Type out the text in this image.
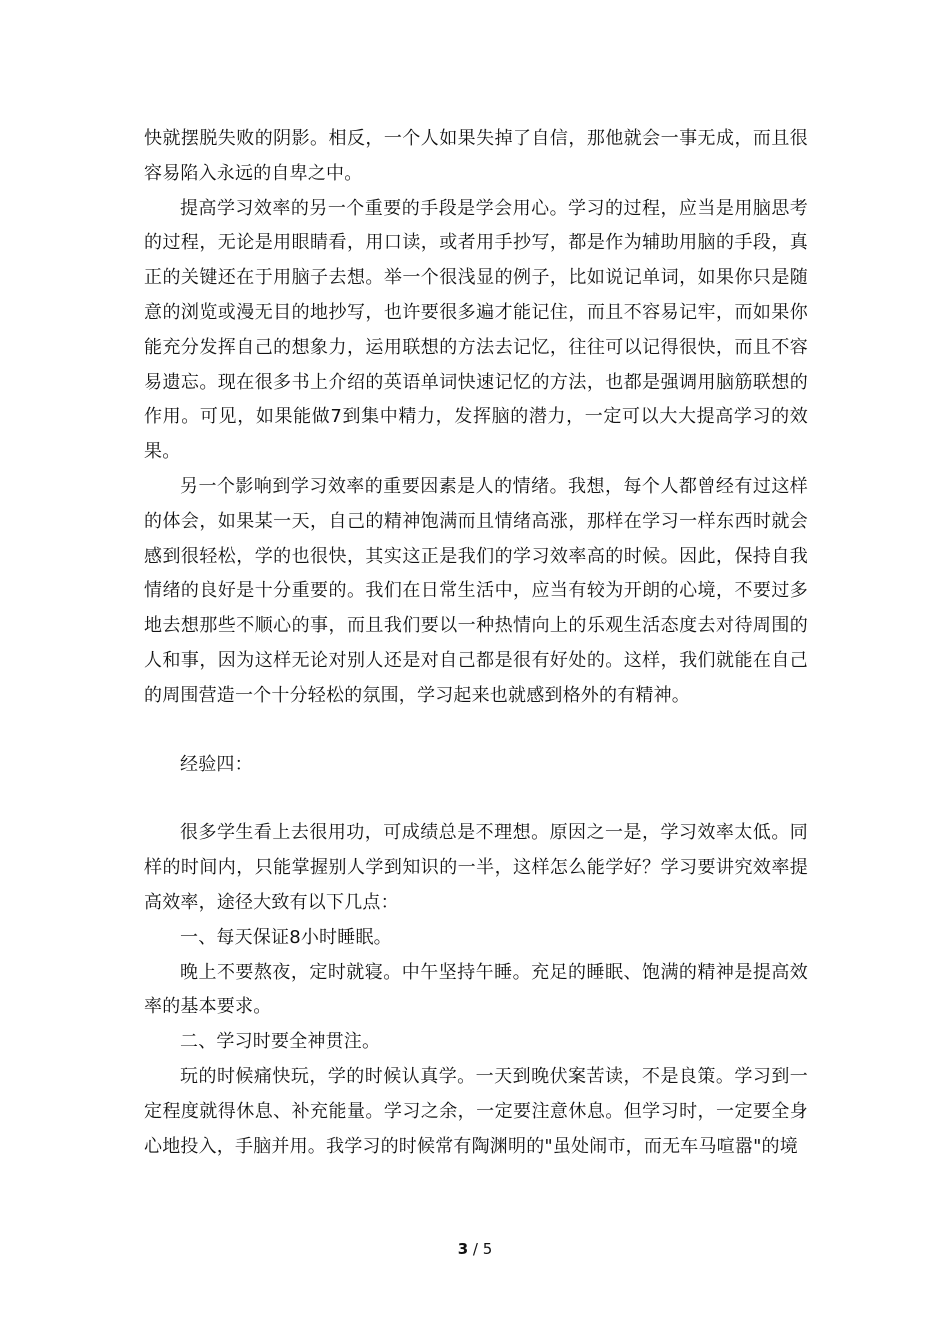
快就摆脱失败的阴影。相反，一个人如果失掉了自信，那他就会一事无成，而且很容易陷入永远的自卑之中。

提高学习效率的另一个重要的手段是学会用心。学习的过程，应当是用脑思考的过程，无论是用眼睛看，用口读，或者用手抄写，都是作为辅助用脑的手段，真正的关键还在于用脑子去想。举一个很浅显的例子，比如说记单词，如果你只是随意的浏览或漫无目的地抄写，也许要很多遍才能记住，而且不容易记牢，而如果你能充分发挥自己的想象力，运用联想的方法去记忆，往往可以记得很快，而且不容易遗忘。现在很多书上介绍的英语单词快速记忆的方法，也都是强调用脑筋联想的作用。可见，如果能做7到集中精力，发挥脑的潜力，一定可以大大提高学习的效果。

另一个影响到学习效率的重要因素是人的情绪。我想，每个人都曾经有过这样的体会，如果某一天，自己的精神饱满而且情绪高涨，那样在学习一样东西时就会感到很轻松，学的也很快，其实这正是我们的学习效率高的时候。因此，保持自我情绪的良好是十分重要的。我们在日常生活中，应当有较为开朗的心境，不要过多地去想那些不顺心的事，而且我们要以一种热情向上的乐观生活态度去对待周围的人和事，因为这样无论对别人还是对自己都是很有好处的。这样，我们就能在自己的周围营造一个十分轻松的氛围，学习起来也就感到格外的有精神。

经验四：

很多学生看上去很用功，可成绩总是不理想。原因之一是，学习效率太低。同样的时间内，只能掌握别人学到知识的一半，这样怎么能学好？学习要讲究效率提高效率，途径大致有以下几点：

一、每天保证8小时睡眠。

晚上不要熬夜，定时就寝。中午坚持午睡。充足的睡眠、饱满的精神是提高效率的基本要求。

二、学习时要全神贯注。

玩的时候痛快玩，学的时候认真学。一天到晚伏案苦读，不是良策。学习到一定程度就得休息、补充能量。学习之余，一定要注意休息。但学习时，一定要全身心地投入，手脑并用。我学习的时候常有陶渊明的"虽处闹市，而无车马喧嚣"的境

3 / 5
